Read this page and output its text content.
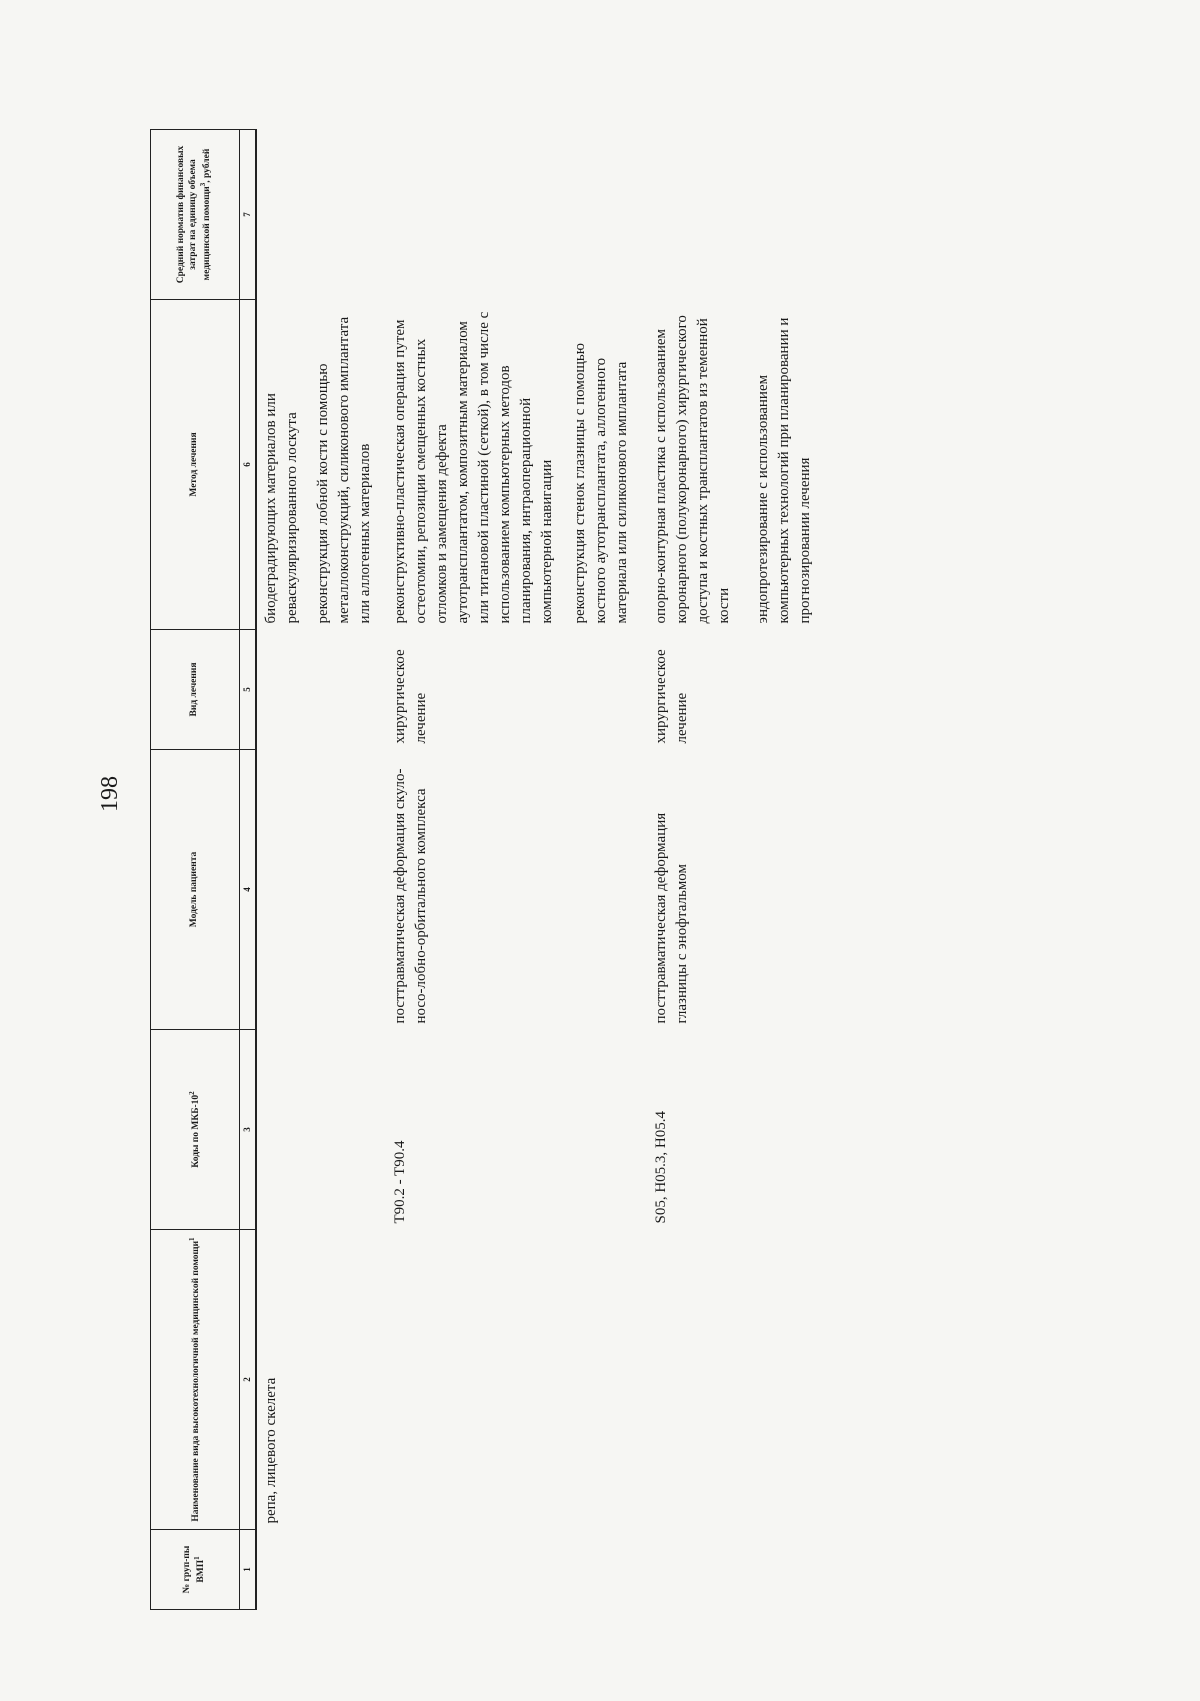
198
№ груп-пы ВМП$^1$	Наименование вида высокотехнологичной медицинской помощи$^1$	Коды по МКБ-$10^2$	Модель пациента	Вид лечения	Метод лечения	Средний норматив финансовых затрат на единицу объема медицинской помощи$^3$, рублей
1	2	3	4	5	6	7
	репа, лицевого скелета				биодеградирующих материалов или реваскуляризированного лоскута	
					реконструкция лобной кости с помощью металлоконструкций, силиконового имплантата или аллогенных материалов	
		T90.2 - T90.4	посттравматическая деформация скуло-носо-лобно-орбитального комплекса	хирургическое лечение	реконструктивно-пластическая операция путем остеотомии, репозиции смещенных костных отломков и замещения дефекта аутотрансплантатом, композитным материалом или титановой пластиной (сеткой), в том числе с использованием компьютерных методов планирования, интраоперационной компьютерной навигации	
					реконструкция стенок глазницы с помощью костного аутотрансплантата, аллогенного материала или силиконового имплантата	
		S05, H05.3, H05.4	посттравматическая деформация глазницы с энофтальмом	хирургическое лечение	опорно-контурная пластика с использованием коронарного (полукоронарного) хирургического доступа и костных трансплантатов из теменной кости	
					эндопротезирование с использованием компьютерных технологий при планировании и прогнозировании лечения	
